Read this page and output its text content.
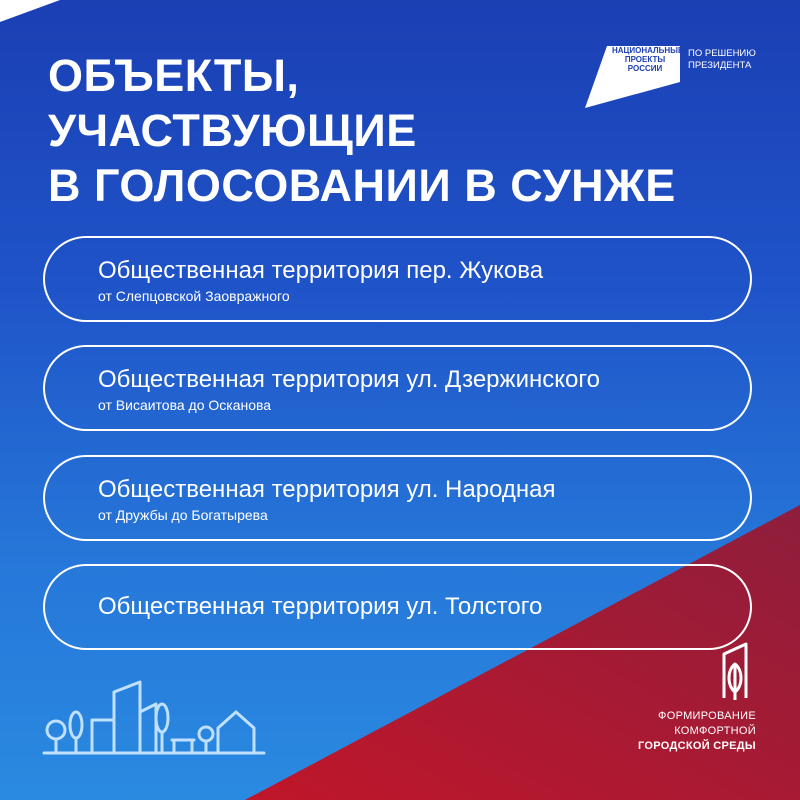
ОБЪЕКТЫ,
УЧАСТВУЮЩИЕ
В ГОЛОСОВАНИИ В СУНЖЕ
НАЦИОНАЛЬНЫЕ
ПРОЕКТЫ
РОССИИ
ПО РЕШЕНИЮ
ПРЕЗИДЕНТА
Общественная территория пер. Жукова
от Слепцовской Заовражного
Общественная территория ул. Дзержинского
от Висаитова до Осканова
Общественная территория ул. Народная
от Дружбы до Богатырева
Общественная территория ул. Толстого
ФОРМИРОВАНИЕ
КОМФОРТНОЙ
ГОРОДСКОЙ СРЕДЫ
